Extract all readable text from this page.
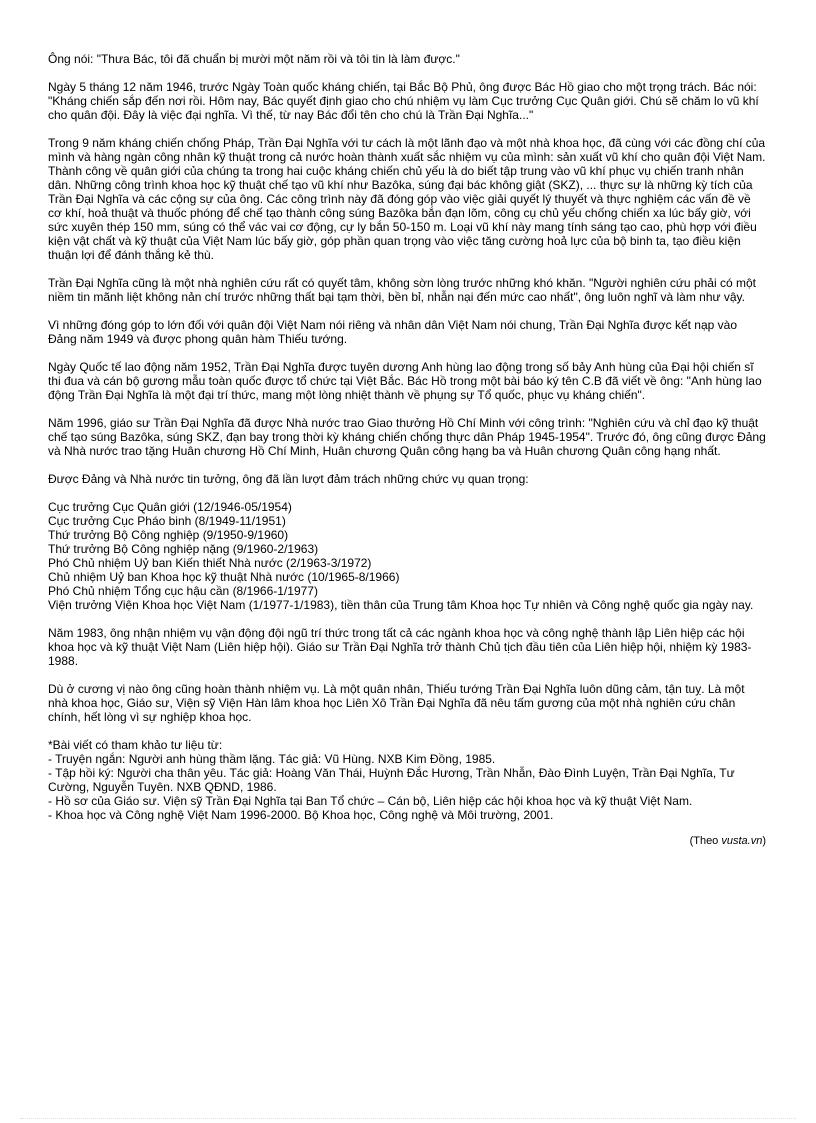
Ông nói: "Thưa Bác, tôi đã chuẩn bị mười một năm rồi và tôi tin là làm được."

Ngày 5 tháng 12 năm 1946, trước Ngày Toàn quốc kháng chiến, tại Bắc Bộ Phủ, ông được Bác Hồ giao cho một trọng trách. Bác nói: "Kháng chiến sắp đến nơi rồi. Hôm nay, Bác quyết định giao cho chú nhiệm vụ làm Cục trưởng Cục Quân giới. Chú sẽ chăm lo vũ khí cho quân đội. Đây là việc đại nghĩa. Vì thế, từ nay Bác đổi tên cho chú là Trần Đại Nghĩa..."

Trong 9 năm kháng chiến chống Pháp, Trần Đại Nghĩa với tư cách là một lãnh đạo và một nhà khoa học, đã cùng với các đồng chí của mình và hàng ngàn công nhân kỹ thuật trong cả nước hoàn thành xuất sắc nhiệm vụ của mình: sản xuất vũ khí cho quân đội Việt Nam. Thành công về quân giới của chúng ta trong hai cuộc kháng chiến chủ yếu là do biết tập trung vào vũ khí phục vụ chiến tranh nhân dân. Những công trình khoa học kỹ thuật chế tạo vũ khí như Bazôka, súng đại bác không giật (SKZ), ... thực sự là những kỳ tích của Trần Đại Nghĩa và các cộng sự của ông. Các công trình này đã đóng góp vào việc giải quyết lý thuyết và thực nghiệm các vấn đề về cơ khí, hoả thuật và thuốc phóng để chế tạo thành công súng Bazôka bắn đạn lõm, công cụ chủ yếu chống chiến xa lúc bấy giờ, với sức xuyên thép 150 mm, súng có thể vác vai cơ động, cự ly bắn 50-150 m. Loại vũ khí này mang tính sáng tạo cao, phù hợp với điều kiện vật chất và kỹ thuật của Việt Nam lúc bấy giờ, góp phần quan trọng vào việc tăng cường hoả lực của bộ binh ta, tạo điều kiện thuận lợi để đánh thắng kẻ thù.

Trần Đại Nghĩa cũng là một nhà nghiên cứu rất có quyết tâm, không sờn lòng trước những khó khăn. "Người nghiên cứu phải có một niềm tin mãnh liệt không nản chí trước những thất bại tạm thời, bền bỉ, nhẫn nại đến mức cao nhất", ông luôn nghĩ và làm như vậy.

Vì những đóng góp to lớn đối với quân đội Việt Nam nói riêng và nhân dân Việt Nam nói chung, Trần Đại Nghĩa được kết nạp vào Đảng năm 1949 và được phong quân hàm Thiếu tướng.

Ngày Quốc tế lao động năm 1952, Trần Đại Nghĩa được tuyên dương Anh hùng lao động trong số bảy Anh hùng của Đại hội chiến sĩ thi đua và cán bộ gương mẫu toàn quốc được tổ chức tại Việt Bắc. Bác Hồ trong một bài báo ký tên C.B đã viết về ông: "Anh hùng lao động Trần Đại Nghĩa là một đại trí thức, mang một lòng nhiệt thành về phụng sự Tổ quốc, phục vụ kháng chiến".

Năm 1996, giáo sư Trần Đại Nghĩa đã được Nhà nước trao Giao thưởng Hồ Chí Minh với công trình: "Nghiên cứu và chỉ đạo kỹ thuật chế tạo súng Bazôka, súng SKZ, đạn bay trong thời kỳ kháng chiến chống thực dân Pháp 1945-1954". Trước đó, ông cũng được Đảng và Nhà nước trao tặng Huân chương Hồ Chí Minh, Huân chương Quân công hạng ba và Huân chương Quân công hạng nhất.

Được Đảng và Nhà nước tin tưởng, ông đã lần lượt đảm trách những chức vụ quan trọng:

Cục trưởng Cục Quân giới (12/1946-05/1954)

Cục trưởng Cục Pháo binh (8/1949-11/1951)

Thứ trưởng Bộ Công nghiệp (9/1950-9/1960)

Thứ trưởng Bộ Công nghiệp nặng (9/1960-2/1963)

Phó Chủ nhiệm Uỷ ban Kiến thiết Nhà nước (2/1963-3/1972)

Chủ nhiệm Uỷ ban Khoa học kỹ thuật Nhà nước (10/1965-8/1966)

Phó Chủ nhiệm Tổng cục hậu cần (8/1966-1/1977)

Viện trưởng Viện Khoa học Việt Nam (1/1977-1/1983), tiền thân của Trung tâm Khoa học Tự nhiên và Công nghệ quốc gia ngày nay.

Năm 1983, ông nhận nhiệm vụ vận động đội ngũ trí thức trong tất cả các ngành khoa học và công nghệ thành lập Liên hiệp các hội khoa học và kỹ thuật Việt Nam (Liên hiệp hội). Giáo sư Trần Đại Nghĩa trở thành Chủ tịch đầu tiên của Liên hiệp hội, nhiệm kỳ 1983-1988.

Dù ở cương vị nào ông cũng hoàn thành nhiệm vụ. Là một quân nhân, Thiếu tướng Trần Đại Nghĩa luôn dũng cảm, tận tuỵ. Là một nhà khoa học, Giáo sư, Viện sỹ Viện Hàn lâm khoa học Liên Xô Trần Đại Nghĩa đã nêu tấm gương của một nhà nghiên cứu chân chính, hết lòng vì sự nghiệp khoa học.

*Bài viết có tham khảo tư liệu từ:

- Truyện ngắn: Người anh hùng thầm lặng. Tác giả: Vũ Hùng. NXB Kim Đồng, 1985.

- Tập hồi ký: Người cha thân yêu. Tác giả: Hoàng Văn Thái, Huỳnh Đắc Hương, Trần Nhẫn, Đào Đình Luyện, Trần Đại Nghĩa, Tư Cường, Nguyễn Tuyên. NXB QĐND, 1986.

- Hồ sơ của Giáo sư. Viện sỹ Trần Đại Nghĩa tại Ban Tổ chức – Cán bộ, Liên hiệp các hội khoa học và kỹ thuật Việt Nam.

- Khoa học và Công nghệ Việt Nam 1996-2000. Bộ Khoa học, Công nghệ và Môi trường, 2001.

(Theo vusta.vn)
